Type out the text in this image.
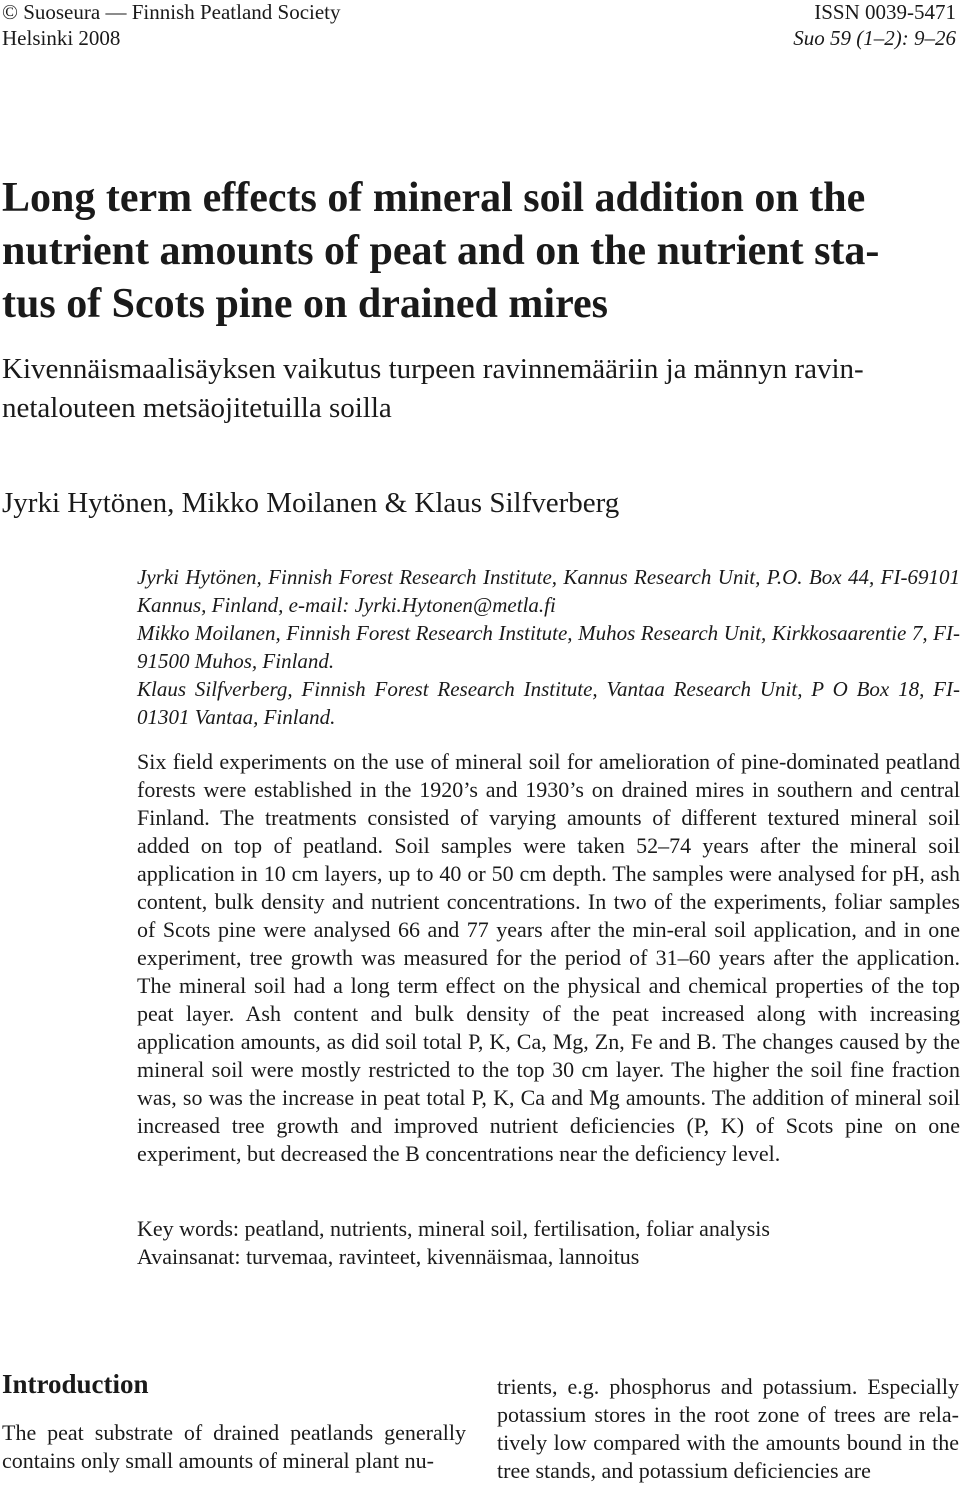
© Suoseura — Finnish Peatland Society
Helsinki 2008
ISSN 0039-5471
Suo 59 (1–2): 9–26
Long term effects of mineral soil addition on the
nutrient amounts of peat and on the nutrient sta-
tus of Scots pine on drained mires
Kivennäismaalisäyksen vaikutus turpeen ravinnemääriin ja männyn ravin-
netalouteen metsäojitetuilla soilla

Jyrki Hytönen, Mikko Moilanen & Klaus Silfverberg

Jyrki Hytönen, Finnish Forest Research Institute, Kannus Research Unit, P.O. Box 44, FI-69101 Kannus, Finland, e-mail: Jyrki.Hytonen@metla.fi
Mikko Moilanen, Finnish Forest Research Institute, Muhos Research Unit, Kirkkosaarentie 7, FI-91500 Muhos, Finland.
Klaus Silfverberg, Finnish Forest Research Institute, Vantaa Research Unit, P O Box 18, FI-01301 Vantaa, Finland.

Six field experiments on the use of mineral soil for amelioration of pine-dominated peatland forests were established in the 1920’s and 1930’s on drained mires in southern and central Finland. The treatments consisted of varying amounts of different textured mineral soil added on top of peatland. Soil samples were taken 52–74 years after the mineral soil application in 10 cm layers, up to 40 or 50 cm depth. The samples were analysed for pH, ash content, bulk density and nutrient concentrations. In two of the experiments, foliar samples of Scots pine were analysed 66 and 77 years after the min-eral soil application, and in one experiment, tree growth was measured for the period of 31–60 years after the application. The mineral soil had a long term effect on the physical and chemical properties of the top peat layer. Ash content and bulk density of the peat increased along with increasing application amounts, as did soil total P, K, Ca, Mg, Zn, Fe and B. The changes caused by the mineral soil were mostly restricted to the top 30 cm layer. The higher the soil fine fraction was, so was the increase in peat total P, K, Ca and Mg amounts. The addition of mineral soil increased tree growth and improved nutrient deficiencies (P, K) of Scots pine on one experiment, but decreased the B concentrations near the deficiency level.

Key words: peatland, nutrients, mineral soil, fertilisation, foliar analysis
Avainsanat: turvemaa, ravinteet, kivennäismaa, lannoitus
Introduction

The peat substrate of drained peatlands generally contains only small amounts of mineral plant nu-

trients, e.g. phosphorus and potassium. Especially potassium stores in the root zone of trees are rela-tively low compared with the amounts bound in the tree stands, and potassium deficiencies are
